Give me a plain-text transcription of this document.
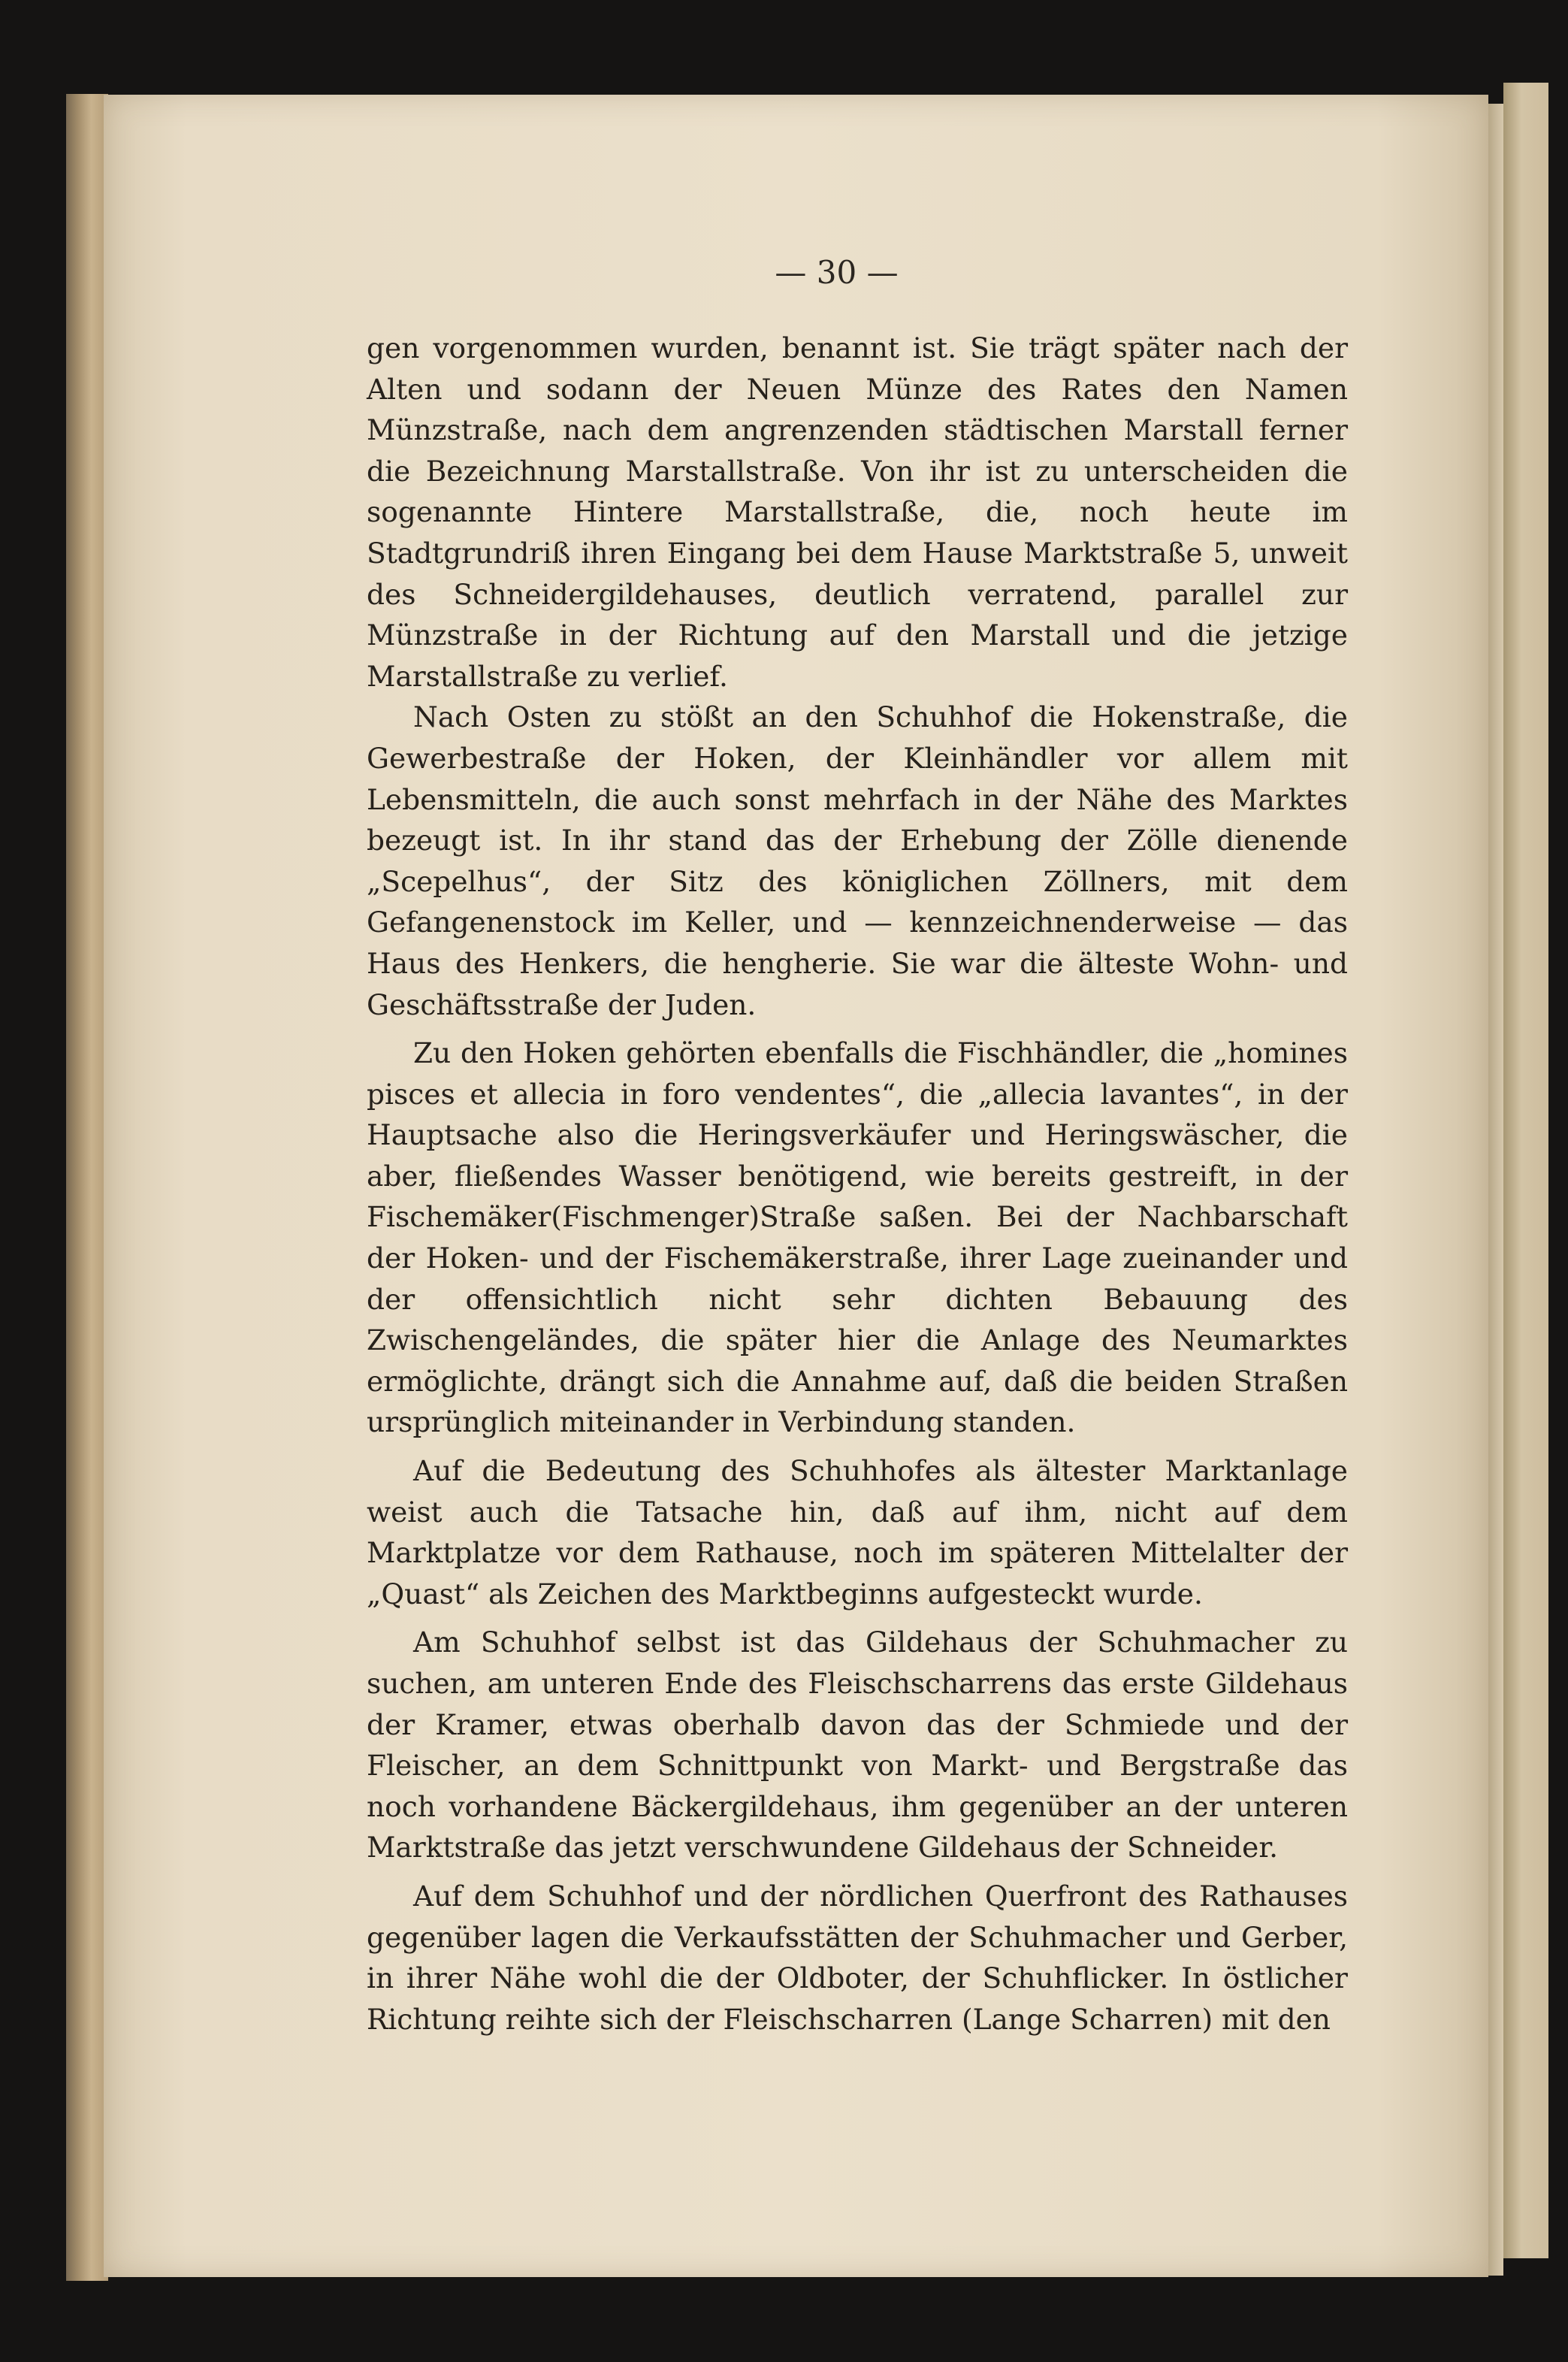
— 30 —

gen vorgenommen wurden, benannt ist. Sie trägt später nach der Alten und sodann der Neuen Münze des Rates den Namen Münzstraße, nach dem angrenzenden städtischen Marstall ferner die Bezeichnung Marstallstraße. Von ihr ist zu unterscheiden die sogenannte Hintere Marstallstraße, die, noch heute im Stadtgrundriß ihren Eingang bei dem Hause Marktstraße 5, unweit des Schneidergildehauses, deutlich verratend, parallel zur Münzstraße in der Richtung auf den Marstall und die jetzige Marstallstraße zu verlief.

Nach Osten zu stößt an den Schuhhof die Hokenstraße, die Gewerbestraße der Hoken, der Kleinhändler vor allem mit Lebensmitteln, die auch sonst mehrfach in der Nähe des Marktes bezeugt ist. In ihr stand das der Erhebung der Zölle dienende „Scepelhus“, der Sitz des königlichen Zöllners, mit dem Gefangenenstock im Keller, und — kennzeichnenderweise — das Haus des Henkers, die hengherie. Sie war die älteste Wohn- und Geschäftsstraße der Juden.

Zu den Hoken gehörten ebenfalls die Fischhändler, die „homines pisces et allecia in foro vendentes“, die „allecia lavantes“, in der Hauptsache also die Heringsverkäufer und Heringswäscher, die aber, fließendes Wasser benötigend, wie bereits gestreift, in der Fischemäker(Fischmenger)Straße saßen. Bei der Nachbarschaft der Hoken- und der Fischemäkerstraße, ihrer Lage zueinander und der offensichtlich nicht sehr dichten Bebauung des Zwischengeländes, die später hier die Anlage des Neumarktes ermöglichte, drängt sich die Annahme auf, daß die beiden Straßen ursprünglich miteinander in Verbindung standen.

Auf die Bedeutung des Schuhhofes als ältester Marktanlage weist auch die Tatsache hin, daß auf ihm, nicht auf dem Marktplatze vor dem Rathause, noch im späteren Mittelalter der „Quast“ als Zeichen des Marktbeginns aufgesteckt wurde.

Am Schuhhof selbst ist das Gildehaus der Schuhmacher zu suchen, am unteren Ende des Fleischscharrens das erste Gildehaus der Kramer, etwas oberhalb davon das der Schmiede und der Fleischer, an dem Schnittpunkt von Markt- und Bergstraße das noch vorhandene Bäckergildehaus, ihm gegenüber an der unteren Marktstraße das jetzt verschwundene Gildehaus der Schneider.

Auf dem Schuhhof und der nördlichen Querfront des Rathauses gegenüber lagen die Verkaufsstätten der Schuhmacher und Gerber, in ihrer Nähe wohl die der Oldboter, der Schuhflicker. In östlicher Richtung reihte sich der Fleischscharren (Lange Scharren) mit den
